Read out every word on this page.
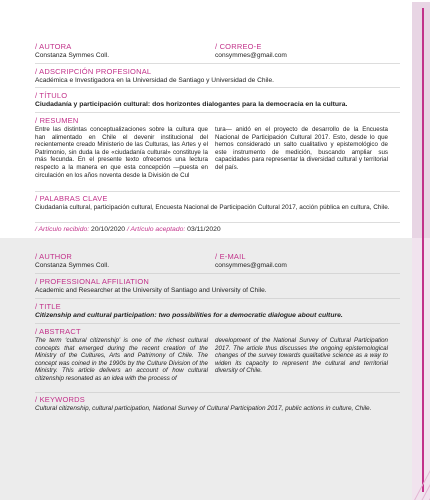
/ AUTORA
Constanza Symmes Coll.
/ CORREO-E
consymmes@gmail.com
/ ADSCRIPCIÓN PROFESIONAL
Académica e Investigadora en la Universidad de Santiago y Universidad de Chile.
/ TÍTULO
Ciudadanía y participación cultural: dos horizontes dialogantes para la democracia en la cultura.
/ RESUMEN
Entre las distintas conceptualizaciones sobre la cultura que han alimentado en Chile el devenir institucional del recientemente creado Ministerio de las Culturas, las Artes y el Patrimonio, sin duda la de «ciudadanía cultural» constituye la más fecunda. En el presente texto ofrecemos una lectura respecto a la manera en que esta concepción —puesta en circulación en los años noventa desde la División de Cul
tura— anidó en el proyecto de desarrollo de la Encuesta Nacional de Participación Cultural 2017. Esto, desde lo que hemos considerado un salto cualitativo y epistemológico de este instrumento de medición, buscando ampliar sus capacidades para representar la diversidad cultural y territorial del país.
/ PALABRAS CLAVE
Ciudadanía cultural, participación cultural, Encuesta Nacional de Participación Cultural 2017, acción pública en cultura, Chile.
/ Artículo recibido: 20/10/2020 / Artículo aceptado: 03/11/2020
/ AUTHOR
Constanza Symmes Coll.
/ E-MAIL
consymmes@gmail.com
/ PROFESSIONAL AFFILIATION
Academic and Researcher at the University of Santiago and University of Chile.
/ TITLE
Citizenship and cultural participation: two possibilities for a democratic dialogue about culture.
/ ABSTRACT
The term ‘cultural citizenship’ is one of the richest cultural concepts that emerged during the recent creation of the Ministry of the Cultures, Arts and Patrimony of Chile. The concept was coined in the 1990s by the Culture Division of the Ministry. This article delivers an account of how cultural citizenship resonated as an idea with the process of
development of the National Survey of Cultural Participation 2017. The article thus discusses the ongoing epistemological changes of the survey towards qualitative science as a way to widen its capacity to represent the cultural and territorial diversity of Chile.
/ KEYWORDS
Cultural citizenship, cultural participation, National Survey of Cultural Participation 2017, public actions in culture, Chile.
